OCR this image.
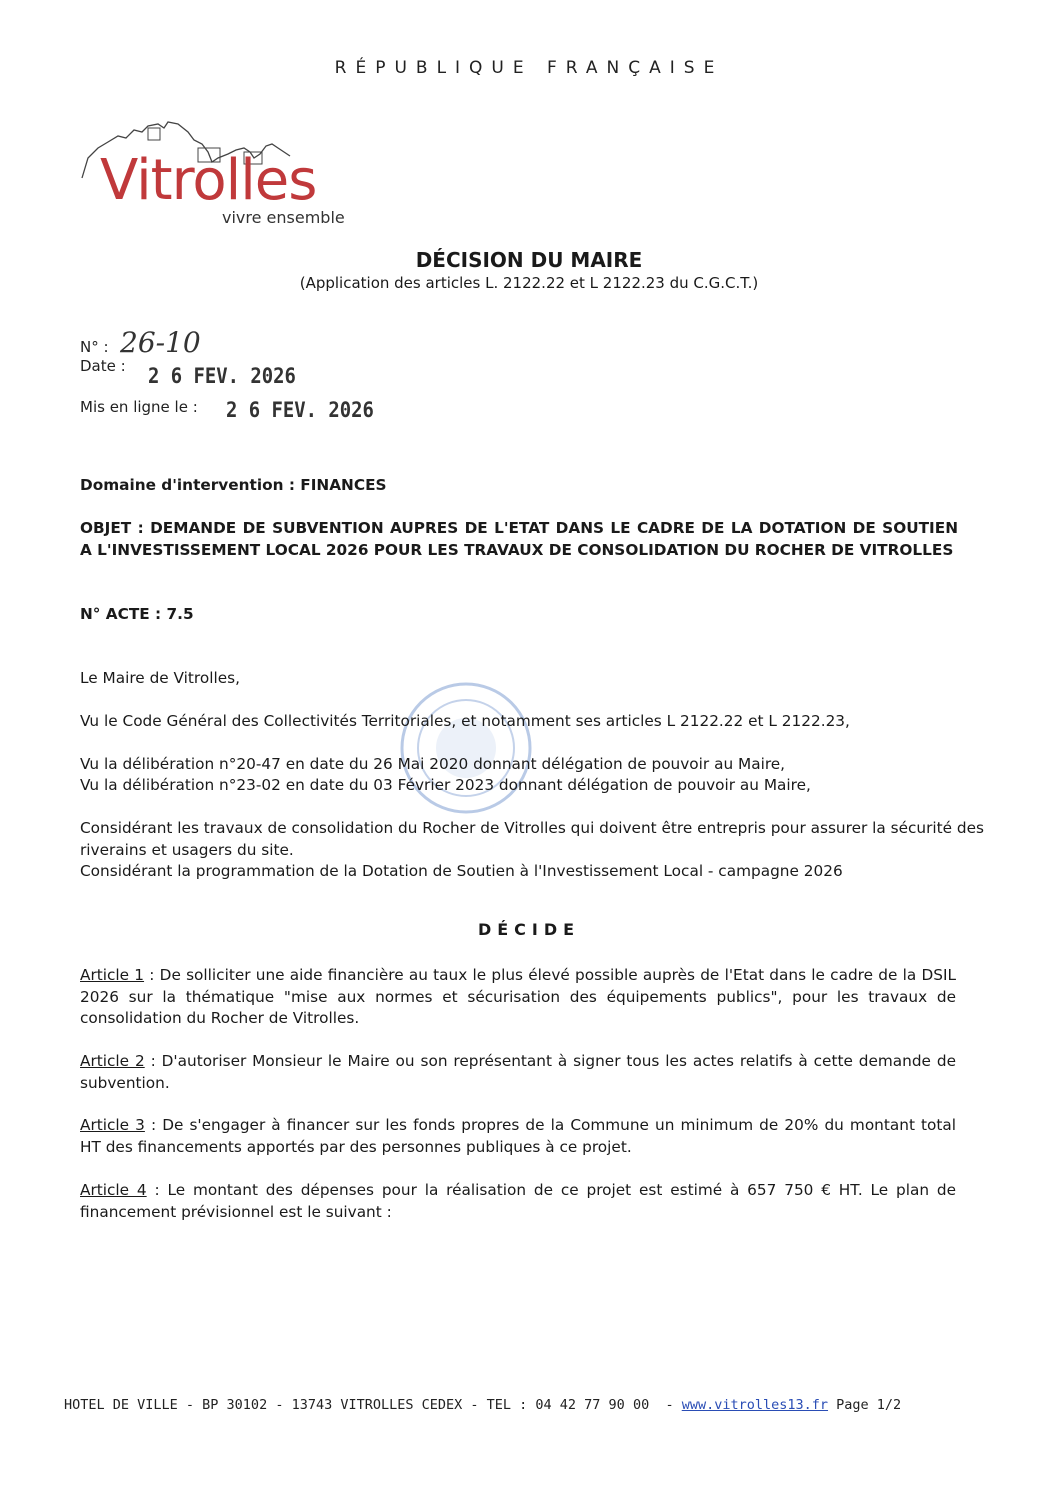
RÉPUBLIQUE FRANÇAISE
Vitrolles
vivre ensemble
DÉCISION DU MAIRE
(Application des articles L. 2122.22 et L 2122.23 du C.G.C.T.)
N° : 26-10
Date : 2 6 FEV. 2026
Mis en ligne le : 2 6 FEV. 2026
Domaine d'intervention : FINANCES
OBJET : DEMANDE DE SUBVENTION AUPRES DE L'ETAT DANS LE CADRE DE LA DOTATION DE SOUTIEN A L'INVESTISSEMENT LOCAL 2026 POUR LES TRAVAUX DE CONSOLIDATION DU ROCHER DE VITROLLES
N° ACTE : 7.5
Le Maire de Vitrolles,
Vu le Code Général des Collectivités Territoriales, et notamment ses articles L 2122.22 et L 2122.23,
Vu la délibération n°20-47 en date du 26 Mai 2020 donnant délégation de pouvoir au Maire,
Vu la délibération n°23-02 en date du 03 Février 2023 donnant délégation de pouvoir au Maire,
Considérant les travaux de consolidation du Rocher de Vitrolles qui doivent être entrepris pour assurer la sécurité des riverains et usagers du site.
Considérant la programmation de la Dotation de Soutien à l'Investissement Local - campagne 2026
DÉCIDE
Article 1 : De solliciter une aide financière au taux le plus élevé possible auprès de l'Etat dans le cadre de la DSIL 2026 sur la thématique "mise aux normes et sécurisation des équipements publics", pour les travaux de consolidation du Rocher de Vitrolles.
Article 2 : D'autoriser Monsieur le Maire ou son représentant à signer tous les actes relatifs à cette demande de subvention.
Article 3 : De s'engager à financer sur les fonds propres de la Commune un minimum de 20% du montant total HT des financements apportés par des personnes publiques à ce projet.
Article 4 : Le montant des dépenses pour la réalisation de ce projet est estimé à 657 750 € HT. Le plan de financement prévisionnel est le suivant :
HOTEL DE VILLE - BP 30102 - 13743 VITROLLES CEDEX - TEL : 04 42 77 90 00  - www.vitrolles13.fr Page 1/2
